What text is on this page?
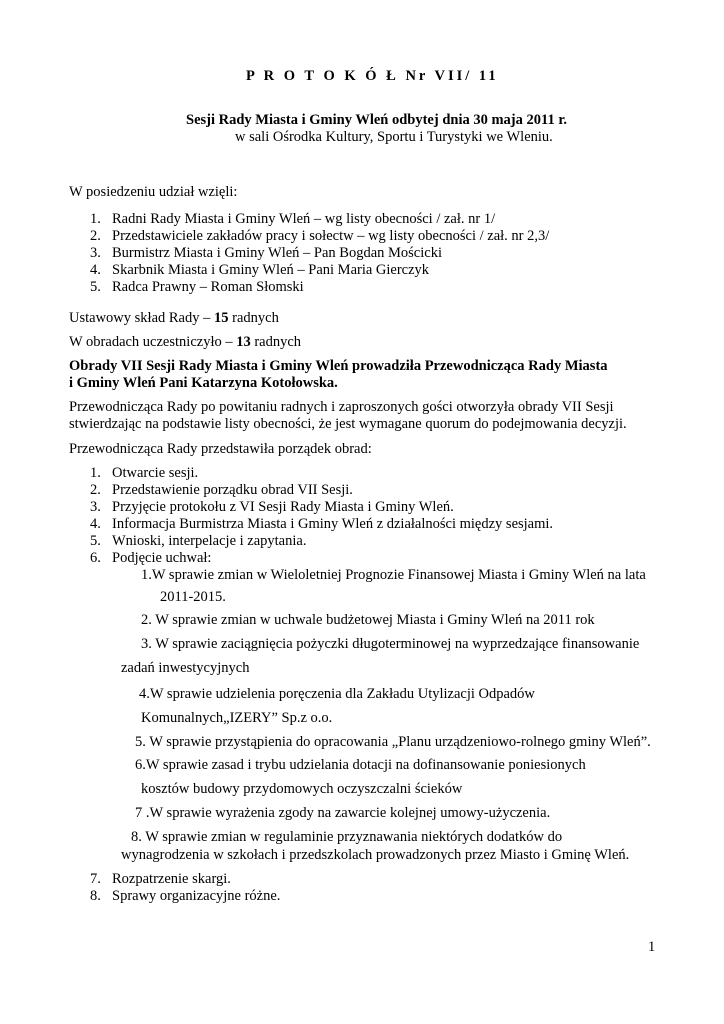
P R O T O K Ó Ł Nr VII/ 11
Sesji Rady Miasta i Gminy Wleń odbytej dnia 30 maja 2011 r.
w sali Ośrodka Kultury, Sportu i Turystyki we Wleniu.
W posiedzeniu udział wzięli:
1. Radni Rady Miasta i Gminy Wleń – wg listy obecności / zał. nr 1/
2. Przedstawiciele zakładów pracy i sołectw – wg listy obecności / zał. nr 2,3/
3. Burmistrz Miasta i Gminy Wleń – Pan Bogdan Mościcki
4. Skarbnik Miasta i Gminy Wleń – Pani Maria Gierczyk
5. Radca Prawny – Roman Słomski
Ustawowy skład Rady – 15 radnych
W obradach uczestniczyło – 13 radnych
Obrady VII Sesji Rady Miasta i Gminy Wleń prowadziła Przewodnicząca Rady Miasta
i Gminy Wleń Pani Katarzyna Kotołowska.
Przewodnicząca Rady po powitaniu radnych i zaproszonych gości otworzyła obrady VII Sesji
stwierdzając na podstawie listy obecności, że jest wymagane quorum do podejmowania decyzji.
Przewodnicząca Rady przedstawiła porządek obrad:
1. Otwarcie sesji.
2. Przedstawienie porządku obrad VII Sesji.
3. Przyjęcie protokołu z VI Sesji Rady Miasta i Gminy Wleń.
4. Informacja Burmistrza Miasta i Gminy Wleń z działalności między sesjami.
5. Wnioski, interpelacje i zapytania.
6. Podjęcie uchwał:
1.W sprawie zmian w Wieloletniej Prognozie Finansowej Miasta i Gminy Wleń na lata
2011-2015.
2. W sprawie zmian w uchwale budżetowej Miasta i Gminy Wleń na 2011 rok
3. W sprawie zaciągnięcia pożyczki długoterminowej na wyprzedzające finansowanie
zadań inwestycyjnych
4.W sprawie udzielenia poręczenia dla Zakładu Utylizacji Odpadów
Komunalnych„IZERY” Sp.z o.o.
5. W sprawie przystąpienia do opracowania „Planu urządzeniowo-rolnego gminy Wleń”.
6.W sprawie zasad i trybu udzielania dotacji na dofinansowanie poniesionych
kosztów budowy przydomowych oczyszczalni ścieków
7 .W sprawie wyrażenia zgody na zawarcie kolejnej umowy-użyczenia.
8. W sprawie zmian w regulaminie przyznawania niektórych dodatków do
wynagrodzenia w szkołach i przedszkolach prowadzonych przez Miasto i Gminę Wleń.
7. Rozpatrzenie skargi.
8. Sprawy organizacyjne różne.
1
